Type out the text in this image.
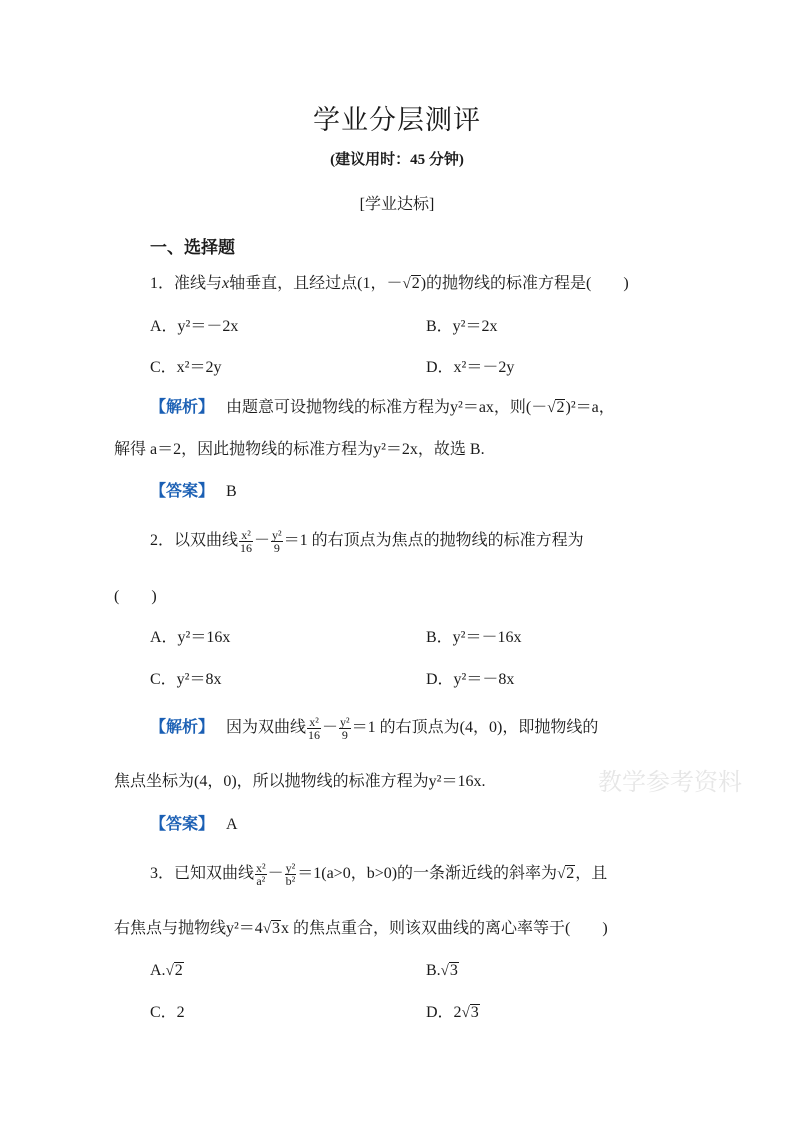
学业分层测评
(建议用时：45 分钟)
[学业达标]
一、选择题
1．准线与x轴垂直，且经过点(1，－√2)的抛物线的标准方程是(　　)
A．y²＝－2x	B．y²＝2x
C．x²＝2y	D．x²＝－2y
【解析】 由题意可设抛物线的标准方程为y²＝ax，则(－√2)²＝a，
解得 a＝2，因此抛物线的标准方程为y²＝2x，故选 B.
【答案】 B
2．以双曲线 $\frac{\text{x²}}{16} - \frac{\text{y²}}{9} =1$ 的右顶点为焦点的抛物线的标准方程为
(　　)
A．y²＝16x	B．y²＝－16x
C．y²＝8x	D．y²＝－8x
【解析】 因为双曲线 $\frac{\text{x²}}{16} - \frac{\text{y²}}{9} =1$ 的右顶点为(4，0)，即抛物线的
焦点坐标为(4，0)，所以抛物线的标准方程为y²＝16x.
【答案】 A
教学参考资料
3．已知双曲线 $\frac{\text{x²}}{\text{a²}} - \frac{\text{y²}}{\text{b²}} =1(a>0$，b>0)的一条渐近线的斜率为√2，且
右焦点与抛物线y²＝4√3x 的焦点重合，则该双曲线的离心率等于(　　)
A.√2	B.√3
C．2	D．2√3
